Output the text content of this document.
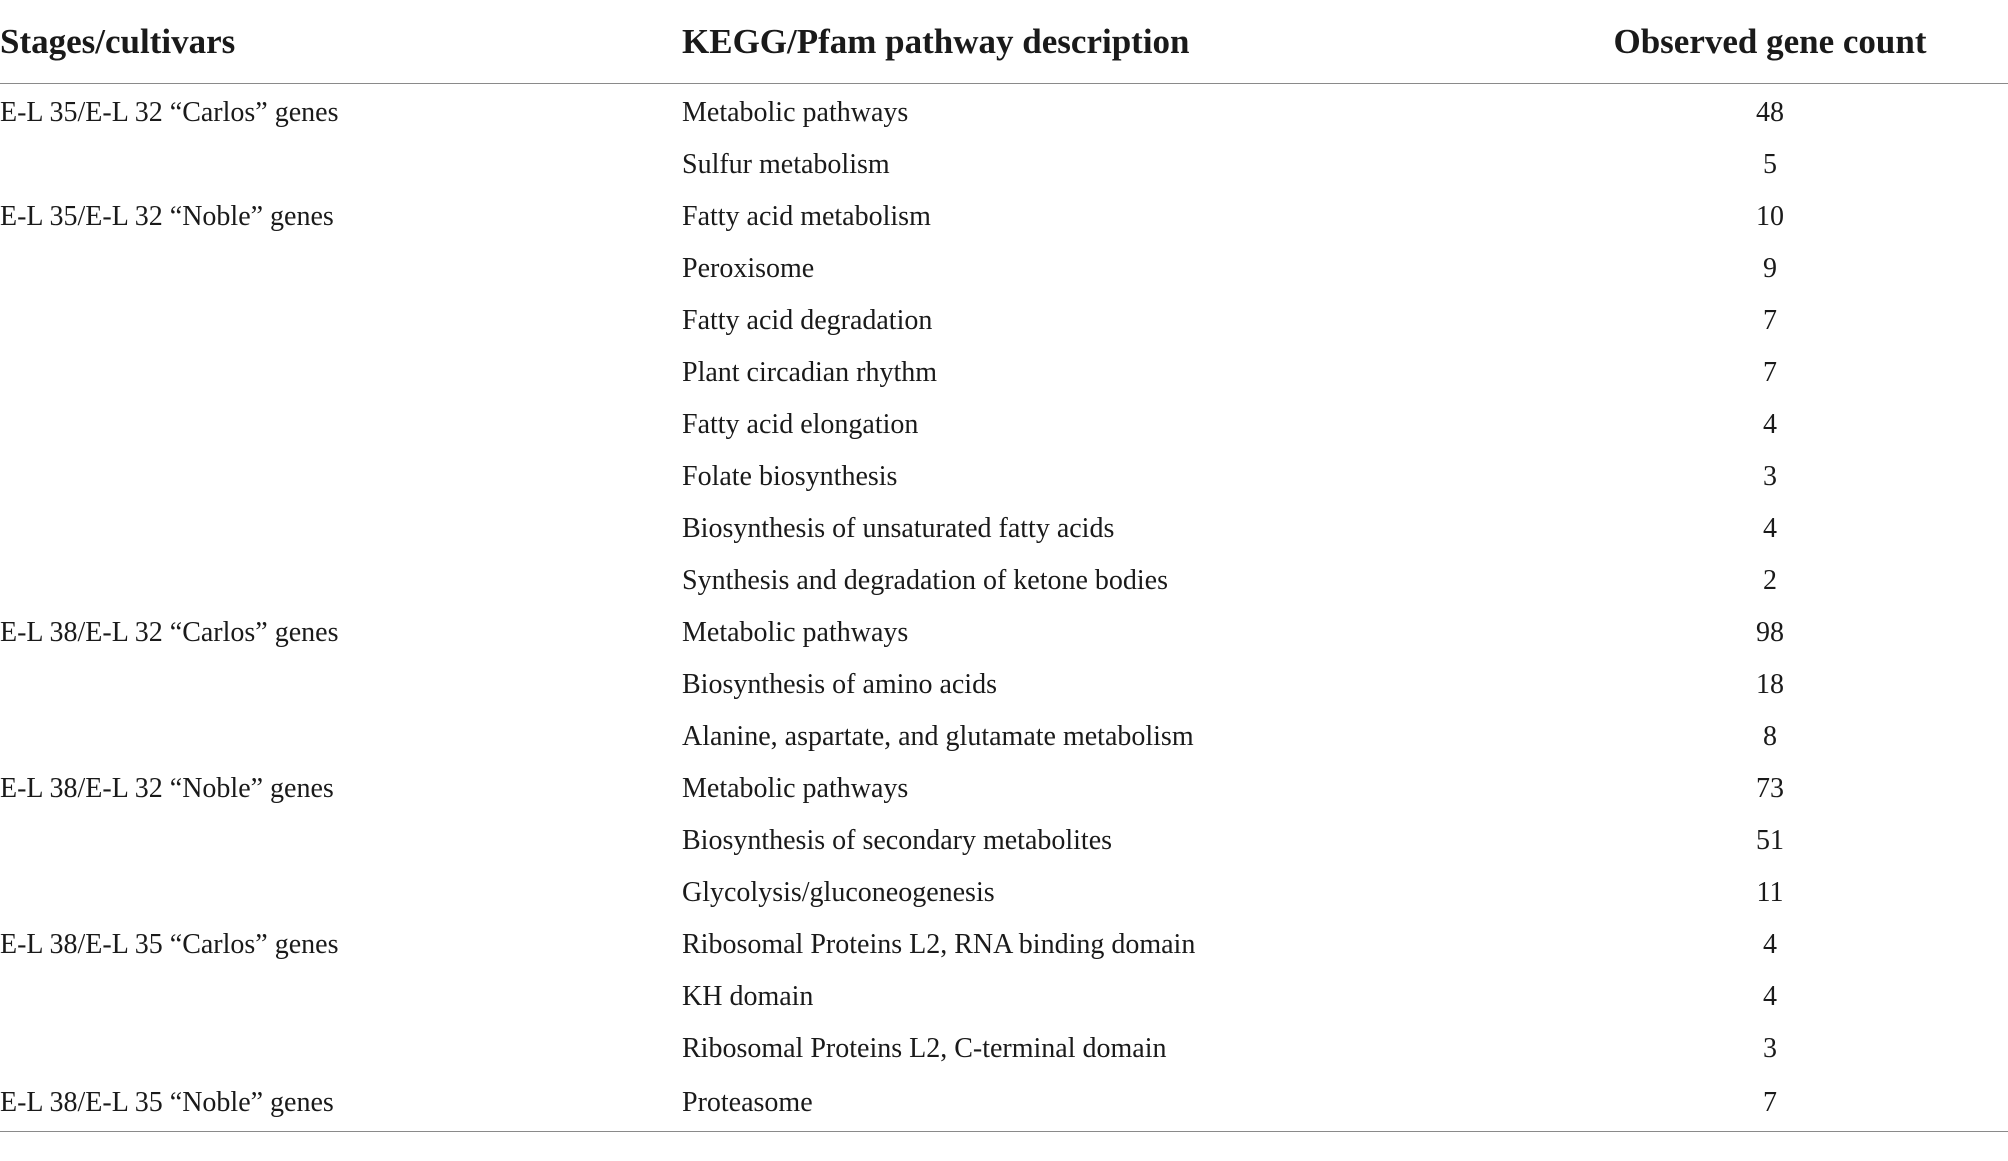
Stages/cultivars	KEGG/Pfam pathway description	Observed gene count
E-L 35/E-L 32 “Carlos” genes	Metabolic pathways	48
	Sulfur metabolism	5
E-L 35/E-L 32 “Noble” genes	Fatty acid metabolism	10
	Peroxisome	9
	Fatty acid degradation	7
	Plant circadian rhythm	7
	Fatty acid elongation	4
	Folate biosynthesis	3
	Biosynthesis of unsaturated fatty acids	4
	Synthesis and degradation of ketone bodies	2
E-L 38/E-L 32 “Carlos” genes	Metabolic pathways	98
	Biosynthesis of amino acids	18
	Alanine, aspartate, and glutamate metabolism	8
E-L 38/E-L 32 “Noble” genes	Metabolic pathways	73
	Biosynthesis of secondary metabolites	51
	Glycolysis/gluconeogenesis	11
E-L 38/E-L 35 “Carlos” genes	Ribosomal Proteins L2, RNA binding domain	4
	KH domain	4
	Ribosomal Proteins L2, C-terminal domain	3
E-L 38/E-L 35 “Noble” genes	Proteasome	7
